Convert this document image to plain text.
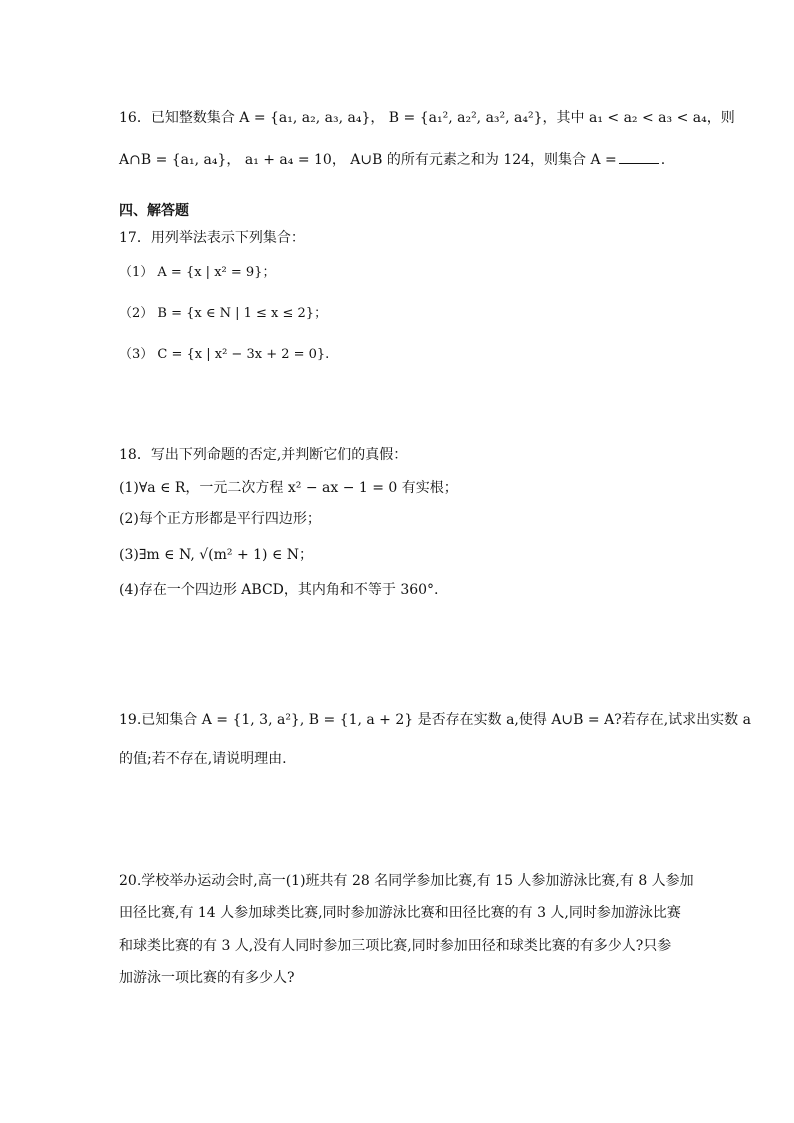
16．已知整数集合 A = {a₁, a₂, a₃, a₄}， B = {a₁², a₂², a₃², a₄²}，其中 a₁ < a₂ < a₃ < a₄，则
A∩B = {a₁, a₄}， a₁ + a₄ = 10， A∪B 的所有元素之和为 124，则集合 A =	.
四、解答题
17．用列举法表示下列集合：
（1） A = {x | x² = 9}；
（2） B = {x ∈ N | 1 ≤ x ≤ 2}；
（3） C = {x | x² − 3x + 2 = 0}.
18．写出下列命题的否定,并判断它们的真假：
(1)∀a ∈ R，一元二次方程 x² − ax − 1 = 0 有实根；
(2)每个正方形都是平行四边形；
(3)∃m ∈ N, √(m² + 1) ∈ N；
(4)存在一个四边形 ABCD，其内角和不等于 360°.
19.已知集合 A = {1, 3, a²}, B = {1, a + 2} 是否存在实数 a,使得 A∪B = A?若存在,试求出实数 a
的值;若不存在,请说明理由.
20.学校举办运动会时,高一(1)班共有 28 名同学参加比赛,有 15 人参加游泳比赛,有 8 人参加
田径比赛,有 14 人参加球类比赛,同时参加游泳比赛和田径比赛的有 3 人,同时参加游泳比赛
和球类比赛的有 3 人,没有人同时参加三项比赛,同时参加田径和球类比赛的有多少人?只参
加游泳一项比赛的有多少人?
